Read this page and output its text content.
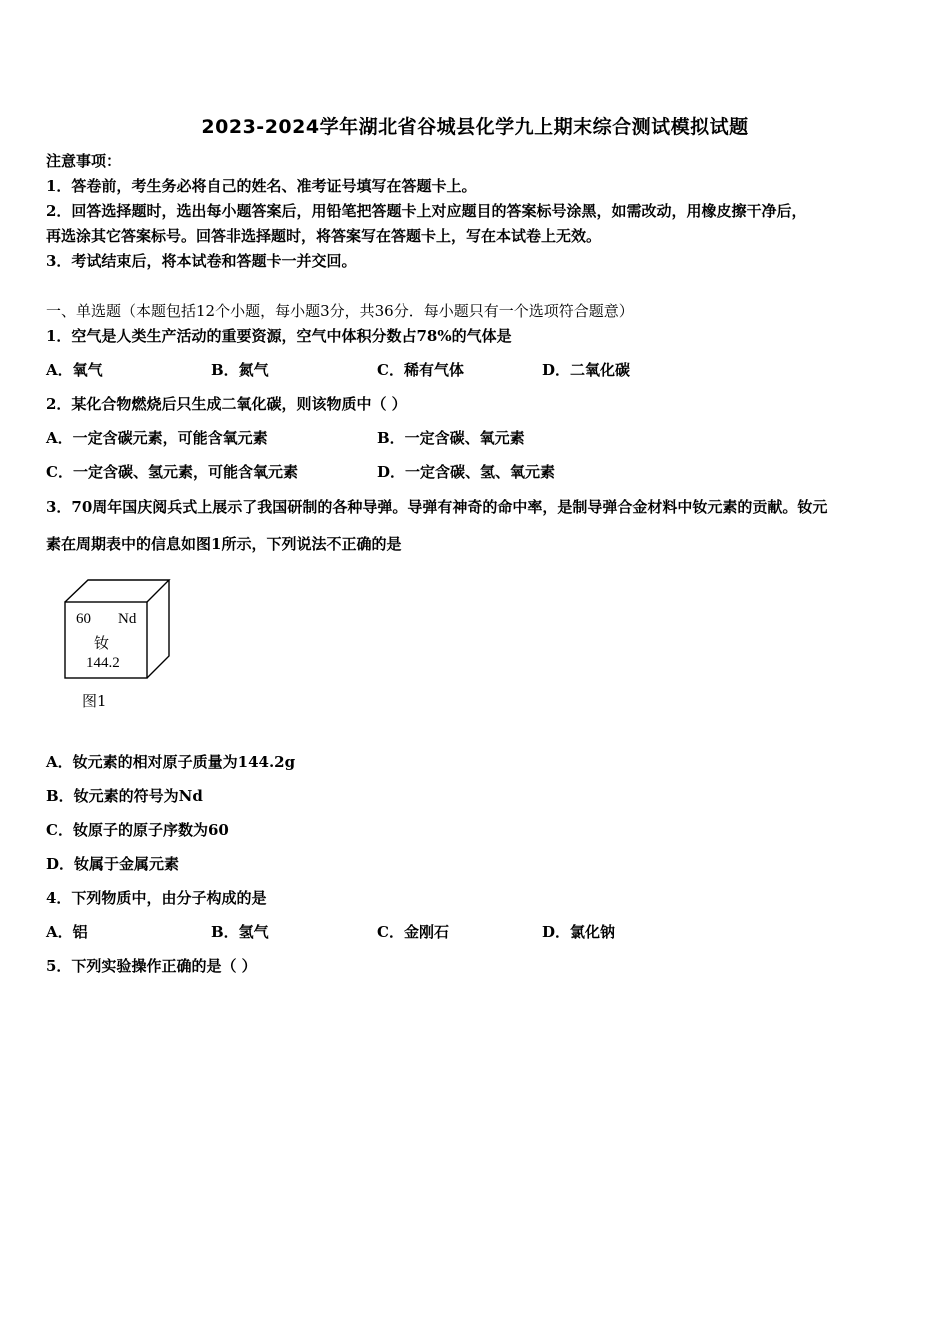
2023-2024学年湖北省谷城县化学九上期末综合测试模拟试题
注意事项：
1．答卷前，考生务必将自己的姓名、准考证号填写在答题卡上。
2．回答选择题时，选出每小题答案后，用铅笔把答题卡上对应题目的答案标号涂黑，如需改动，用橡皮擦干净后，
再选涂其它答案标号。回答非选择题时，将答案写在答题卡上，写在本试卷上无效。
3．考试结束后，将本试卷和答题卡一并交回。
一、单选题（本题包括12个小题，每小题3分，共36分．每小题只有一个选项符合题意）
1．空气是人类生产活动的重要资源，空气中体积分数占78%的气体是
A．氧气	B．氮气	C．稀有气体	D．二氧化碳
2．某化合物燃烧后只生成二氧化碳，则该物质中（ ）
A．一定含碳元素，可能含氧元素	B．一定含碳、氧元素
C．一定含碳、氢元素，可能含氧元素	D．一定含碳、氢、氧元素
3．70周年国庆阅兵式上展示了我国研制的各种导弹。导弹有神奇的命中率，是制导弹合金材料中钕元素的贡献。钕元
素在周期表中的信息如图1所示，下列说法不正确的是
60 Nd
钕
144.2
图1
A．钕元素的相对原子质量为144.2g
B．钕元素的符号为Nd
C．钕原子的原子序数为60
D．钕属于金属元素
4．下列物质中，由分子构成的是
A．铝	B．氢气	C．金刚石	D．氯化钠
5．下列实验操作正确的是（ ）
